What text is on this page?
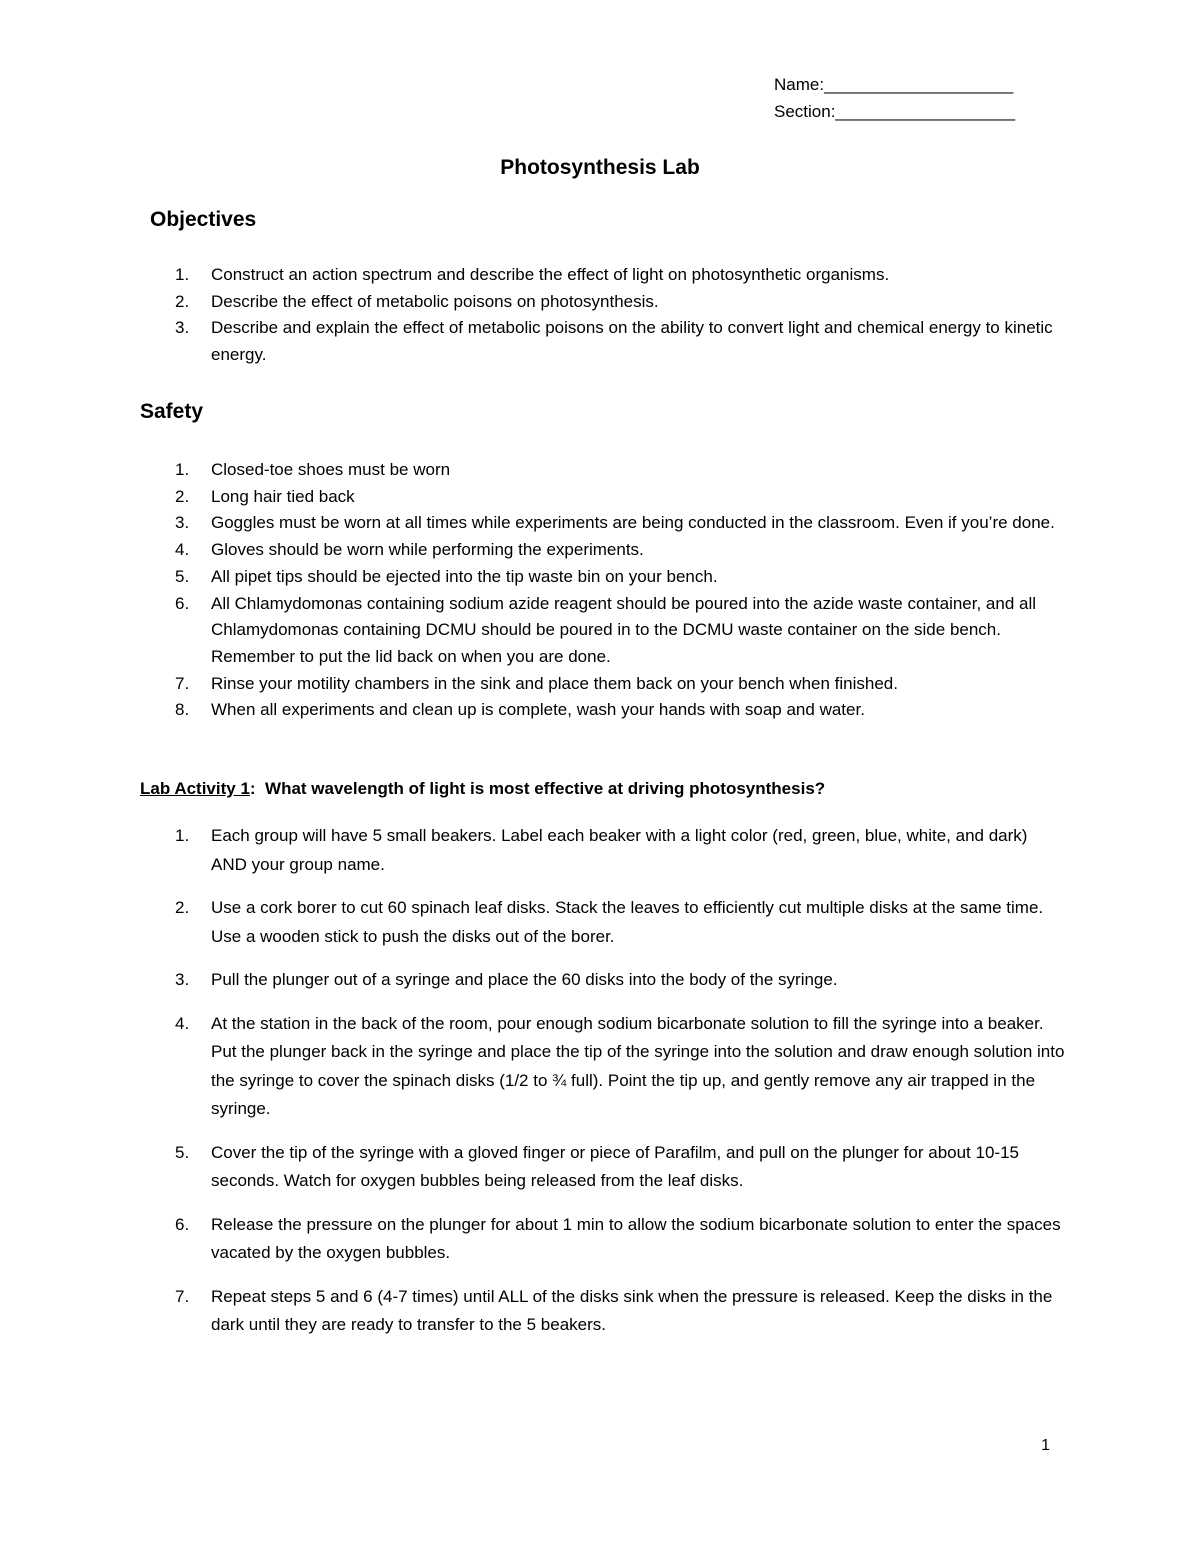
Name:____________________
Section:___________________
Photosynthesis Lab
Objectives
1. Construct an action spectrum and describe the effect of light on photosynthetic organisms.
2. Describe the effect of metabolic poisons on photosynthesis.
3. Describe and explain the effect of metabolic poisons on the ability to convert light and chemical energy to kinetic energy.
Safety
1. Closed-toe shoes must be worn
2. Long hair tied back
3. Goggles must be worn at all times while experiments are being conducted in the classroom. Even if you’re done.
4. Gloves should be worn while performing the experiments.
5. All pipet tips should be ejected into the tip waste bin on your bench.
6. All Chlamydomonas containing sodium azide reagent should be poured into the azide waste container, and all Chlamydomonas containing DCMU should be poured in to the DCMU waste container on the side bench. Remember to put the lid back on when you are done.
7. Rinse your motility chambers in the sink and place them back on your bench when finished.
8. When all experiments and clean up is complete, wash your hands with soap and water.
Lab Activity 1: What wavelength of light is most effective at driving photosynthesis?
1. Each group will have 5 small beakers. Label each beaker with a light color (red, green, blue, white, and dark) AND your group name.
2. Use a cork borer to cut 60 spinach leaf disks. Stack the leaves to efficiently cut multiple disks at the same time. Use a wooden stick to push the disks out of the borer.
3. Pull the plunger out of a syringe and place the 60 disks into the body of the syringe.
4. At the station in the back of the room, pour enough sodium bicarbonate solution to fill the syringe into a beaker. Put the plunger back in the syringe and place the tip of the syringe into the solution and draw enough solution into the syringe to cover the spinach disks (1/2 to ¾ full). Point the tip up, and gently remove any air trapped in the syringe.
5. Cover the tip of the syringe with a gloved finger or piece of Parafilm, and pull on the plunger for about 10-15 seconds. Watch for oxygen bubbles being released from the leaf disks.
6. Release the pressure on the plunger for about 1 min to allow the sodium bicarbonate solution to enter the spaces vacated by the oxygen bubbles.
7. Repeat steps 5 and 6 (4-7 times) until ALL of the disks sink when the pressure is released. Keep the disks in the dark until they are ready to transfer to the 5 beakers.
1
